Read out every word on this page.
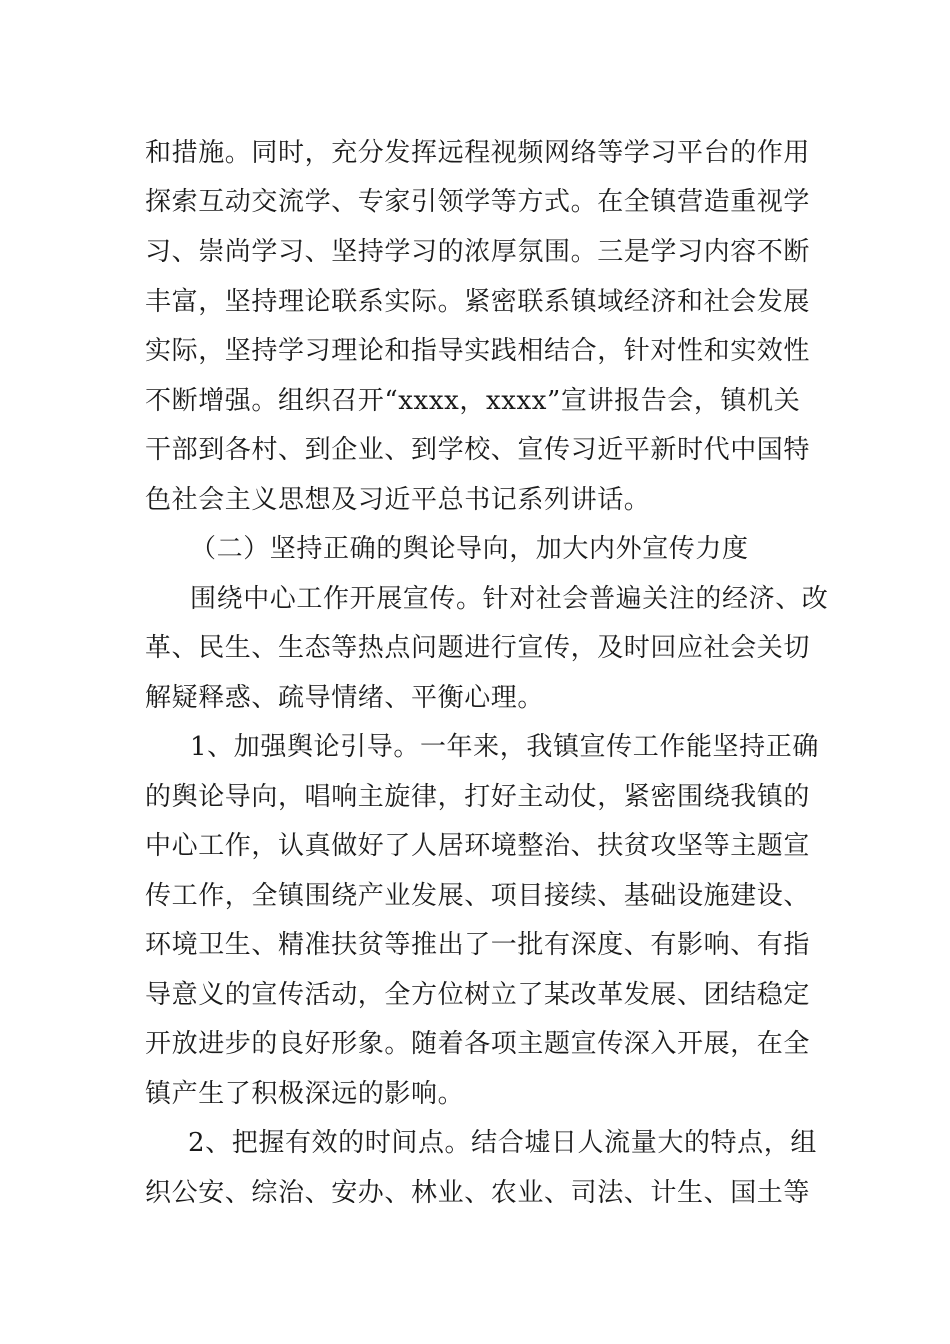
和措施。同时，充分发挥远程视频网络等学习平台的作用
探索互动交流学、专家引领学等方式。在全镇营造重视学
习、崇尚学习、坚持学习的浓厚氛围。三是学习内容不断
丰富，坚持理论联系实际。紧密联系镇域经济和社会发展
实际，坚持学习理论和指导实践相结合，针对性和实效性
不断增强。组织召开“xxxx，xxxx”宣讲报告会，镇机关
干部到各村、到企业、到学校、宣传习近平新时代中国特
色社会主义思想及习近平总书记系列讲话。
（二）坚持正确的舆论导向，加大内外宣传力度
围绕中心工作开展宣传。针对社会普遍关注的经济、改
革、民生、生态等热点问题进行宣传，及时回应社会关切
解疑释惑、疏导情绪、平衡心理。
1、加强舆论引导。一年来，我镇宣传工作能坚持正确
的舆论导向，唱响主旋律，打好主动仗，紧密围绕我镇的
中心工作，认真做好了人居环境整治、扶贫攻坚等主题宣
传工作，全镇围绕产业发展、项目接续、基础设施建设、
环境卫生、精准扶贫等推出了一批有深度、有影响、有指
导意义的宣传活动，全方位树立了某改革发展、团结稳定
开放进步的良好形象。随着各项主题宣传深入开展，在全
镇产生了积极深远的影响。
2、把握有效的时间点。结合墟日人流量大的特点，组
织公安、综治、安办、林业、农业、司法、计生、国土等
